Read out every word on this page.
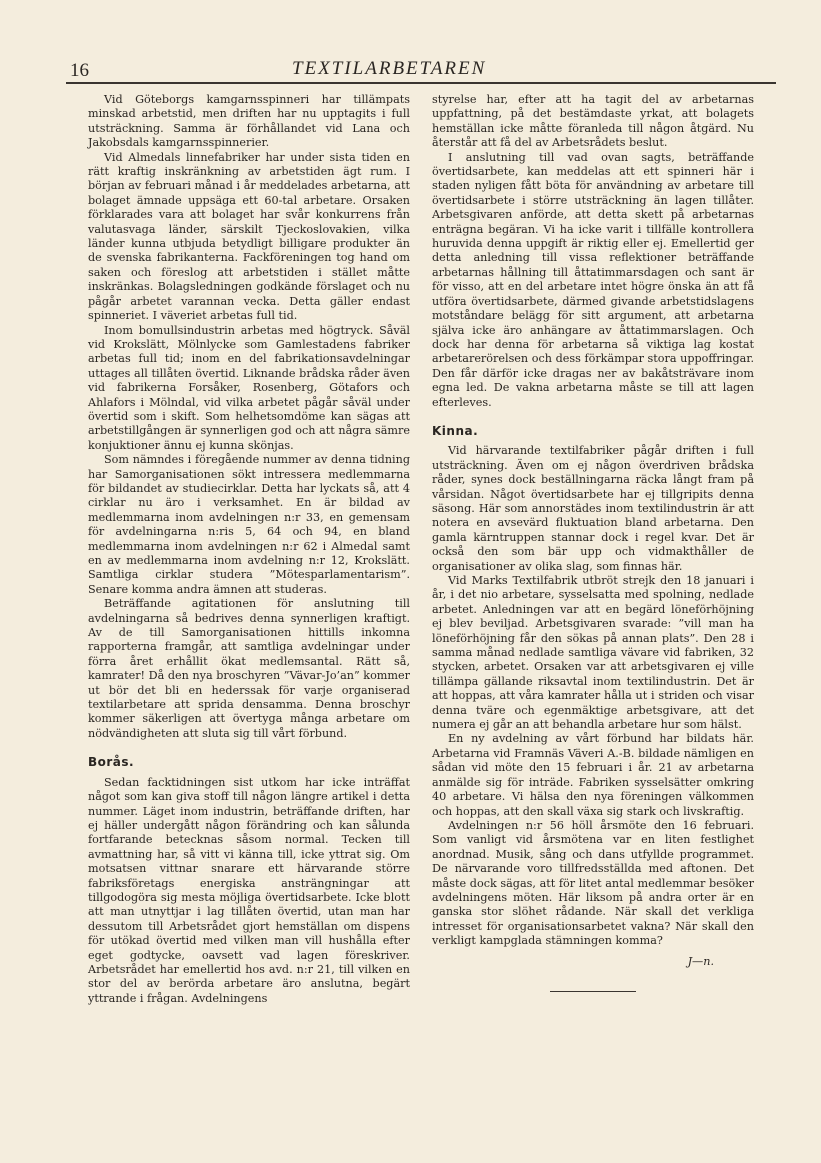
16	TEXTILARBETAREN

Vid Göteborgs kamgarnsspinneri har tillämpats minskad arbetstid, men driften har nu upptagits i full utsträckning. Samma är förhållandet vid Lana och Jakobsdals kamgarnsspinnerier.

Vid Almedals linnefabriker har under sista tiden en rätt kraftig inskränkning av arbetstiden ägt rum. I början av februari månad i år meddelades arbetarna, att bolaget ämnade uppsäga ett 60-tal arbetare. Orsaken förklarades vara att bolaget har svår konkurrens från valutasvaga länder, särskilt Tjeckoslovakien, vilka länder kunna utbjuda betydligt billigare produkter än de svenska fabrikanterna. Fackföreningen tog hand om saken och föreslog att arbetstiden i stället måtte inskränkas. Bolagsledningen godkände förslaget och nu pågår arbetet varannan vecka. Detta gäller endast spinneriet. I väveriet arbetas full tid.

Inom bomullsindustrin arbetas med högtryck. Såväl vid Krokslätt, Mölnlycke som Gamlestadens fabriker arbetas full tid; inom en del fabrikationsavdelningar uttages all tillåten övertid. Liknande brådska råder även vid fabrikerna Forsåker, Rosenberg, Götafors och Ahlafors i Mölndal, vid vilka arbetet pågår såväl under övertid som i skift. Som helhetsomdöme kan sägas att arbetstillgången är synnerligen god och att några sämre konjuktioner ännu ej kunna skönjas.

Som nämndes i föregående nummer av denna tidning har Samorganisationen sökt intressera medlemmarna för bildandet av studiecirklar. Detta har lyckats så, att 4 cirklar nu äro i verksamhet. En är bildad av medlemmarna inom avdelningen n:r 33, en gemensam för avdelningarna n:ris 5, 64 och 94, en bland medlemmarna inom avdelningen n:r 62 i Almedal samt en av medlemmarna inom avdelning n:r 12, Krokslätt. Samtliga cirklar studera ”Mötesparlamentarism”. Senare komma andra ämnen att studeras.

Beträffande agitationen för anslutning till avdelningarna så bedrives denna synnerligen kraftigt. Av de till Samorganisationen hittills inkomna rapporterna framgår, att samtliga avdelningar under förra året erhållit ökat medlemsantal. Rätt så, kamrater! Då den nya broschyren ”Vävar-Jo’an” kommer ut bör det bli en hederssak för varje organiserad textilarbetare att sprida densamma. Denna broschyr kommer säkerligen att övertyga många arbetare om nödvändigheten att sluta sig till vårt förbund.

Borås.

Sedan facktidningen sist utkom har icke inträffat något som kan giva stoff till någon längre artikel i detta nummer. Läget inom industrin, beträffande driften, har ej häller undergått någon förändring och kan sålunda fortfarande betecknas såsom normal. Tecken till avmattning har, så vitt vi känna till, icke yttrat sig. Om motsatsen vittnar snarare ett härvarande större fabriksföretags energiska ansträngningar att tillgodogöra sig mesta möjliga övertidsarbete. Icke blott att man utnyttjar i lag tillåten övertid, utan man har dessutom till Arbetsrådet gjort hemställan om dispens för utökad övertid med vilken man vill hushålla efter eget godtycke, oavsett vad lagen föreskriver. Arbetsrådet har emellertid hos avd. n:r 21, till vilken en stor del av berörda arbetare äro anslutna, begärt yttrande i frågan. Avdelningens

styrelse har, efter att ha tagit del av arbetarnas uppfattning, på det bestämdaste yrkat, att bolagets hemställan icke måtte föranleda till någon åtgärd. Nu återstår att få del av Arbetsrådets beslut.

I anslutning till vad ovan sagts, beträffande övertidsarbete, kan meddelas att ett spinneri här i staden nyligen fått böta för användning av arbetare till övertidsarbete i större utsträckning än lagen tillåter. Arbetsgivaren anförde, att detta skett på arbetarnas enträgna begäran. Vi ha icke varit i tillfälle kontrollera huruvida denna uppgift är riktig eller ej. Emellertid ger detta anledning till vissa reflektioner beträffande arbetarnas hållning till åttatimmarsdagen och sant är för visso, att en del arbetare intet högre önska än att få utföra övertidsarbete, därmed givande arbetstidslagens motståndare belägg för sitt argument, att arbetarna själva icke äro anhängare av åttatimmarslagen. Och dock har denna för arbetarna så viktiga lag kostat arbetarerörelsen och dess förkämpar stora uppoffringar. Den får därför icke dragas ner av bakåtsträvare inom egna led. De vakna arbetarna måste se till att lagen efterleves.

Kinna.

Vid härvarande textilfabriker pågår driften i full utsträckning. Även om ej någon överdriven brådska råder, synes dock beställningarna räcka långt fram på vårsidan. Något övertidsarbete har ej tillgripits denna säsong. Här som annorstädes inom textilindustrin är att notera en avsevärd fluktuation bland arbetarna. Den gamla kärntruppen stannar dock i regel kvar. Det är också den som bär upp och vidmakthåller de organisationer av olika slag, som finnas här.

Vid Marks Textilfabrik utbröt strejk den 18 januari i år, i det nio arbetare, sysselsatta med spolning, nedlade arbetet. Anledningen var att en begärd löneförhöjning ej blev beviljad. Arbetsgivaren svarade: ”vill man ha löneförhöjning får den sökas på annan plats”. Den 28 i samma månad nedlade samtliga vävare vid fabriken, 32 stycken, arbetet. Orsaken var att arbetsgivaren ej ville tillämpa gällande riksavtal inom textilindustrin. Det är att hoppas, att våra kamrater hålla ut i striden och visar denna tväre och egenmäktige arbetsgivare, att det numera ej går an att behandla arbetare hur som hälst.

En ny avdelning av vårt förbund har bildats här. Arbetarna vid Framnäs Väveri A.-B. bildade nämligen en sådan vid möte den 15 februari i år. 21 av arbetarna anmälde sig för inträde. Fabriken sysselsätter omkring 40 arbetare. Vi hälsa den nya föreningen välkommen och hoppas, att den skall växa sig stark och livskraftig.

Avdelningen n:r 56 höll årsmöte den 16 februari. Som vanligt vid årsmötena var en liten festlighet anordnad. Musik, sång och dans utfyllde programmet. De närvarande voro tillfredsställda med aftonen. Det måste dock sägas, att för litet antal medlemmar besöker avdelningens möten. Här liksom på andra orter är en ganska stor slöhet rådande. När skall det verkliga intresset för organisationsarbetet vakna? När skall den verkligt kampglada stämningen komma?

J—n.
